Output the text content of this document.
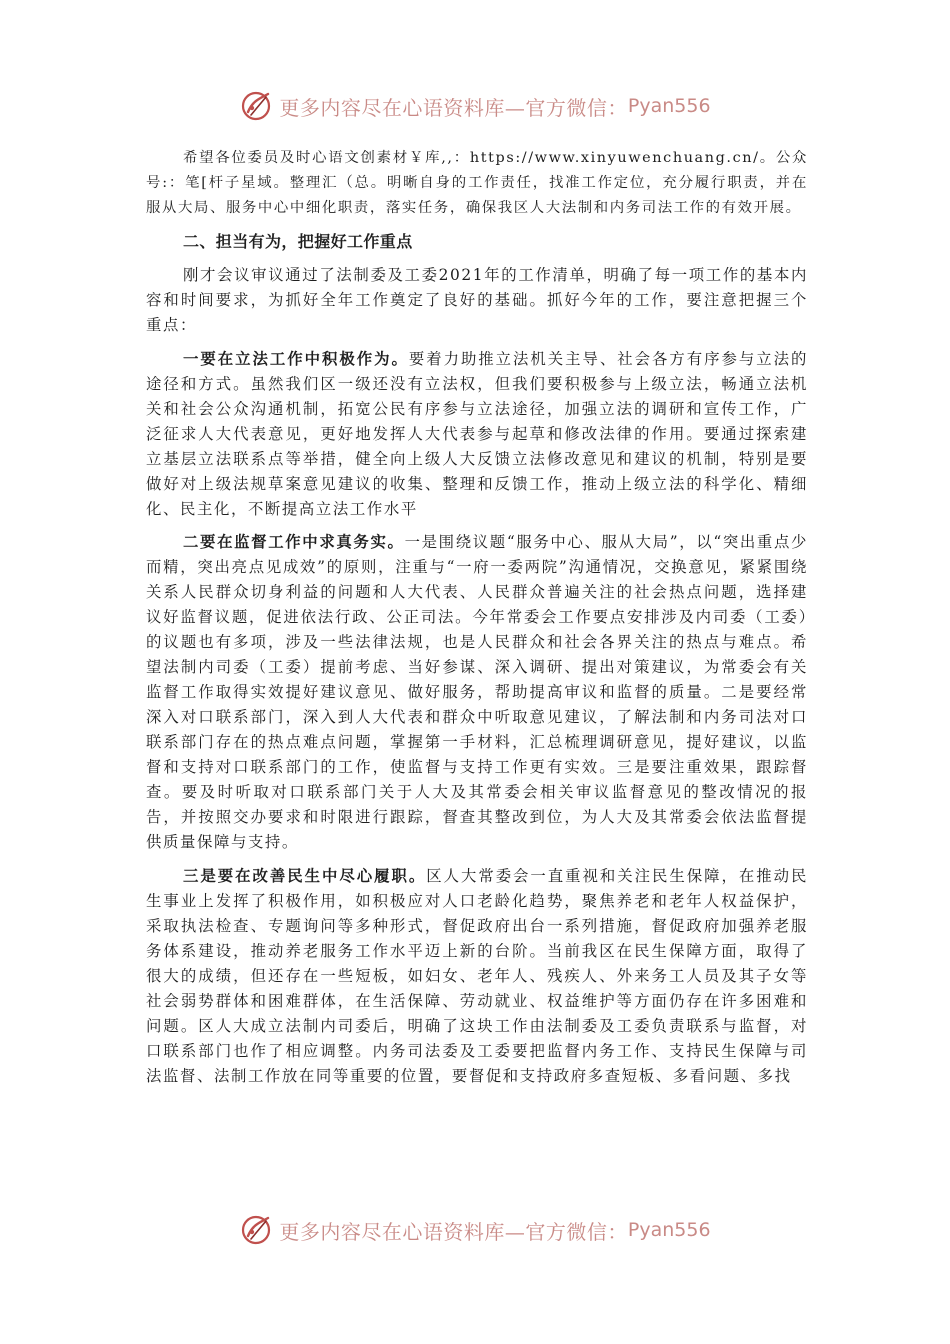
更多内容尽在心语资料库—官方微信： Pyan556

希望各位委员及时心语文创素材￥库,,：https://www.xinyuwenchuang.cn/。公众号:：笔[杆子星域。整理汇（总。明晰自身的工作责任，找准工作定位，充分履行职责，并在服从大局、服务中心中细化职责，落实任务，确保我区人大法制和内务司法工作的有效开展。

二、担当有为，把握好工作重点

刚才会议审议通过了法制委及工委2021年的工作清单，明确了每一项工作的基本内容和时间要求，为抓好全年工作奠定了良好的基础。抓好今年的工作，要注意把握三个重点：

一要在立法工作中积极作为。要着力助推立法机关主导、社会各方有序参与立法的途径和方式。虽然我们区一级还没有立法权，但我们要积极参与上级立法，畅通立法机关和社会公众沟通机制，拓宽公民有序参与立法途径，加强立法的调研和宣传工作，广泛征求人大代表意见，更好地发挥人大代表参与起草和修改法律的作用。要通过探索建立基层立法联系点等举措，健全向上级人大反馈立法修改意见和建议的机制，特别是要做好对上级法规草案意见建议的收集、整理和反馈工作，推动上级立法的科学化、精细化、民主化，不断提高立法工作水平

二要在监督工作中求真务实。一是围绕议题“服务中心、服从大局”，以“突出重点少而精，突出亮点见成效”的原则，注重与“一府一委两院”沟通情况，交换意见，紧紧围绕关系人民群众切身利益的问题和人大代表、人民群众普遍关注的社会热点问题，选择建议好监督议题，促进依法行政、公正司法。今年常委会工作要点安排涉及内司委（工委）的议题也有多项，涉及一些法律法规，也是人民群众和社会各界关注的热点与难点。希望法制内司委（工委）提前考虑、当好参谋、深入调研、提出对策建议，为常委会有关监督工作取得实效提好建议意见、做好服务，帮助提高审议和监督的质量。二是要经常深入对口联系部门，深入到人大代表和群众中听取意见建议，了解法制和内务司法对口联系部门存在的热点难点问题，掌握第一手材料，汇总梳理调研意见，提好建议，以监督和支持对口联系部门的工作，使监督与支持工作更有实效。三是要注重效果，跟踪督查。要及时听取对口联系部门关于人大及其常委会相关审议监督意见的整改情况的报告，并按照交办要求和时限进行跟踪，督查其整改到位，为人大及其常委会依法监督提供质量保障与支持。

三是要在改善民生中尽心履职。区人大常委会一直重视和关注民生保障，在推动民生事业上发挥了积极作用，如积极应对人口老龄化趋势，聚焦养老和老年人权益保护，采取执法检查、专题询问等多种形式，督促政府出台一系列措施，督促政府加强养老服务体系建设，推动养老服务工作水平迈上新的台阶。当前我区在民生保障方面，取得了很大的成绩，但还存在一些短板，如妇女、老年人、残疾人、外来务工人员及其子女等社会弱势群体和困难群体，在生活保障、劳动就业、权益维护等方面仍存在许多困难和问题。区人大成立法制内司委后，明确了这块工作由法制委及工委负责联系与监督，对口联系部门也作了相应调整。内务司法委及工委要把监督内务工作、支持民生保障与司法监督、法制工作放在同等重要的位置，要督促和支持政府多查短板、多看问题、多找

更多内容尽在心语资料库—官方微信： Pyan556
